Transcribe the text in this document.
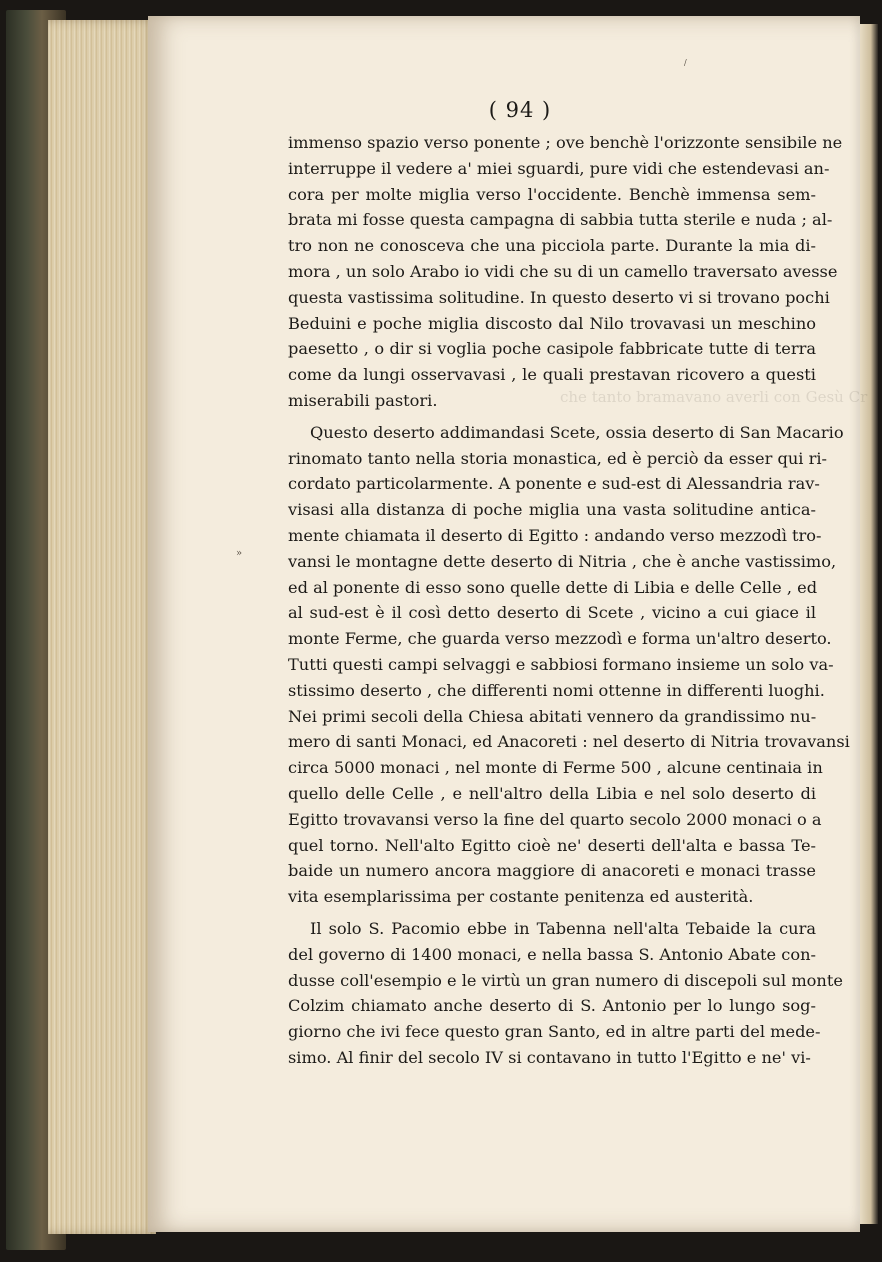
che tanto bramavano averli con Gesù Cr
»
/
( 94 )
immenso spazio verso ponente ; ove benchè l'orizzonte sensibile ne
interruppe il vedere a' miei sguardi, pure vidi che estendevasi an-
cora per molte miglia verso l'occidente. Benchè immensa sem-
brata mi fosse questa campagna di sabbia tutta sterile e nuda ; al-
tro non ne conosceva che una picciola parte. Durante la mia di-
mora , un solo Arabo io vidi che su di un camello traversato avesse
questa vastissima solitudine. In questo deserto vi si trovano pochi
Beduini e poche miglia discosto dal Nilo trovavasi un meschino
paesetto , o dir si voglia poche casipole fabbricate tutte di terra
come da lungi osservavasi , le quali prestavan ricovero a questi
miserabili pastori.
Questo deserto addimandasi Scete, ossia deserto di San Macario
rinomato tanto nella storia monastica, ed è perciò da esser qui ri-
cordato particolarmente. A ponente e sud-est di Alessandria rav-
visasi alla distanza di poche miglia una vasta solitudine antica-
mente chiamata il deserto di Egitto : andando verso mezzodì tro-
vansi le montagne dette deserto di Nitria , che è anche vastissimo,
ed al ponente di esso sono quelle dette di Libia e delle Celle , ed
al sud-est è il così detto deserto di Scete , vicino a cui giace il
monte Ferme, che guarda verso mezzodì e forma un'altro deserto.
Tutti questi campi selvaggi e sabbiosi formano insieme un solo va-
stissimo deserto , che differenti nomi ottenne in differenti luoghi.
Nei primi secoli della Chiesa abitati vennero da grandissimo nu-
mero di santi Monaci, ed Anacoreti : nel deserto di Nitria trovavansi
circa 5000 monaci , nel monte di Ferme 500 , alcune centinaia in
quello delle Celle , e nell'altro della Libia e nel solo deserto di
Egitto trovavansi verso la fine del quarto secolo 2000 monaci o a
quel torno. Nell'alto Egitto cioè ne' deserti dell'alta e bassa Te-
baide un numero ancora maggiore di anacoreti e monaci trasse
vita esemplarissima per costante penitenza ed austerità.
Il solo S. Pacomio ebbe in Tabenna nell'alta Tebaide la cura
del governo di 1400 monaci, e nella bassa S. Antonio Abate con-
dusse coll'esempio e le virtù un gran numero di discepoli sul monte
Colzim chiamato anche deserto di S. Antonio per lo lungo sog-
giorno che ivi fece questo gran Santo, ed in altre parti del mede-
simo. Al finir del secolo IV si contavano in tutto l'Egitto e ne' vi-
